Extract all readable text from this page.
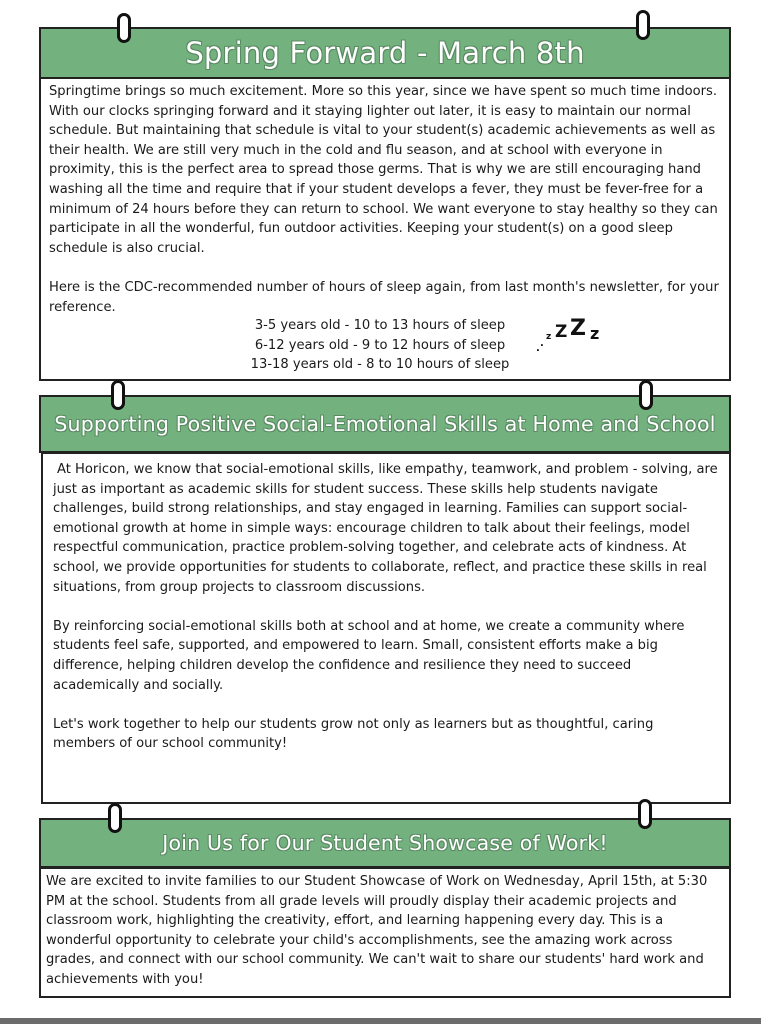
Spring Forward - March 8th

Springtime brings so much excitement. More so this year, since we have spent so much time indoors. With our clocks springing forward and it staying lighter out later, it is easy to maintain our normal schedule. But maintaining that schedule is vital to your student(s) academic achievements as well as their health. We are still very much in the cold and flu season, and at school with everyone in proximity, this is the perfect area to spread those germs. That is why we are still encouraging hand washing all the time and require that if your student develops a fever, they must be fever-free for a minimum of 24 hours before they can return to school. We want everyone to stay healthy so they can participate in all the wonderful, fun outdoor activities. Keeping your student(s) on a good sleep schedule is also crucial.

Here is the CDC-recommended number of hours of sleep again, from last month's newsletter, for your reference.

3-5 years old - 10 to 13 hours of sleep
6-12 years old - 9 to 12 hours of sleep
13-18 years old - 8 to 10 hours of sleep
. .
z Z Z z
Supporting Positive Social-Emotional Skills at Home and School

At Horicon, we know that social-emotional skills, like empathy, teamwork, and problem - solving, are just as important as academic skills for student success. These skills help students navigate challenges, build strong relationships, and stay engaged in learning. Families can support social-emotional growth at home in simple ways: encourage children to talk about their feelings, model respectful communication, practice problem-solving together, and celebrate acts of kindness. At school, we provide opportunities for students to collaborate, reflect, and practice these skills in real situations, from group projects to classroom discussions.

By reinforcing social-emotional skills both at school and at home, we create a community where students feel safe, supported, and empowered to learn. Small, consistent efforts make a big difference, helping children develop the confidence and resilience they need to succeed academically and socially.

Let's work together to help our students grow not only as learners but as thoughtful, caring members of our school community!

Join Us for Our Student Showcase of Work!

We are excited to invite families to our Student Showcase of Work on Wednesday, April 15th, at 5:30 PM at the school. Students from all grade levels will proudly display their academic projects and classroom work, highlighting the creativity, effort, and learning happening every day. This is a wonderful opportunity to celebrate your child's accomplishments, see the amazing work across grades, and connect with our school community. We can't wait to share our students' hard work and achievements with you!
